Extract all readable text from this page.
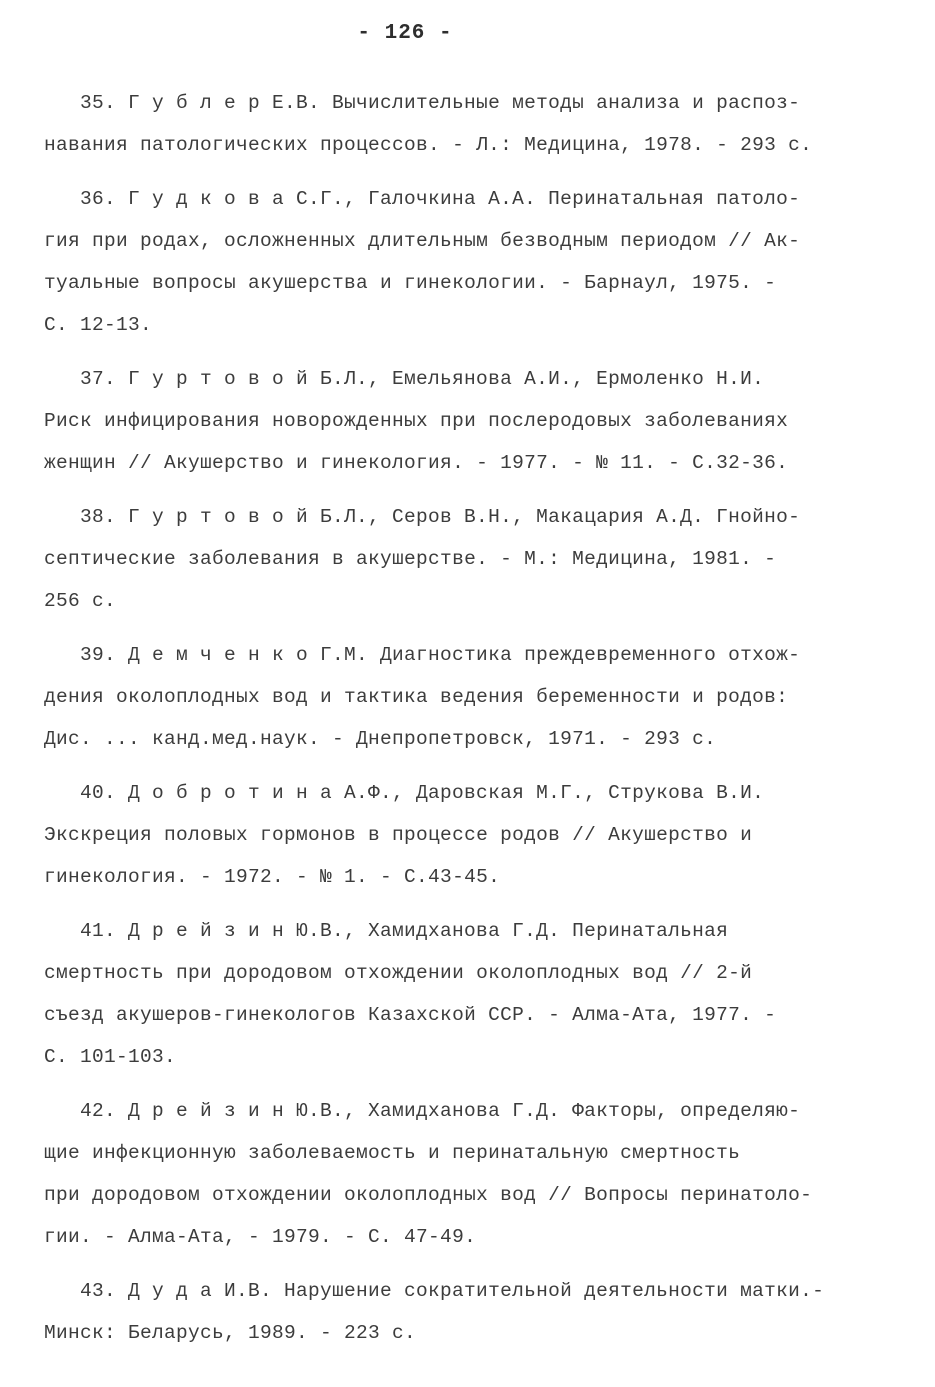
- 126 -
35. Г у б л е р Е.В. Вычислительные методы анализа и распоз-
навания патологических процессов. - Л.: Медицина, 1978. - 293 с.
36. Г у д к о в а С.Г., Галочкина А.А. Перинатальная патоло-
гия при родах, осложненных длительным безводным периодом // Ак-
туальные вопросы акушерства и гинекологии. - Барнаул, 1975. -
С. 12-13.
37. Г у р т о в о й Б.Л., Емельянова А.И., Ермоленко Н.И.
Риск инфицирования новорожденных при послеродовых заболеваниях
женщин // Акушерство и гинекология. - 1977. - № 11. - С.32-36.
38. Г у р т о в о й Б.Л., Серов В.Н., Макацария А.Д. Гнойно-
септические заболевания в акушерстве. - М.: Медицина, 1981. -
256 с.
39. Д е м ч е н к о Г.М. Диагностика преждевременного отхож-
дения околоплодных вод и тактика ведения беременности и родов:
Дис. ... канд.мед.наук. - Днепропетровск, 1971. - 293 с.
40. Д о б р о т и н а А.Ф., Даровская М.Г., Струкова В.И.
Экскреция половых гормонов в процессе родов // Акушерство и
гинекология. - 1972. - № 1. - С.43-45.
41. Д р е й з и н Ю.В., Хамидханова Г.Д. Перинатальная
смертность при дородовом отхождении околоплодных вод // 2-й
съезд акушеров-гинекологов Казахской ССР. - Алма-Ата, 1977. -
С. 101-103.
42. Д р е й з и н Ю.В., Хамидханова Г.Д. Факторы, определяю-
щие инфекционную заболеваемость и перинатальную смертность
при дородовом отхождении околоплодных вод // Вопросы перинатоло-
гии. - Алма-Ата, - 1979. - С. 47-49.
43. Д у д а И.В. Нарушение сократительной деятельности матки.-
Минск: Беларусь, 1989. - 223 с.
